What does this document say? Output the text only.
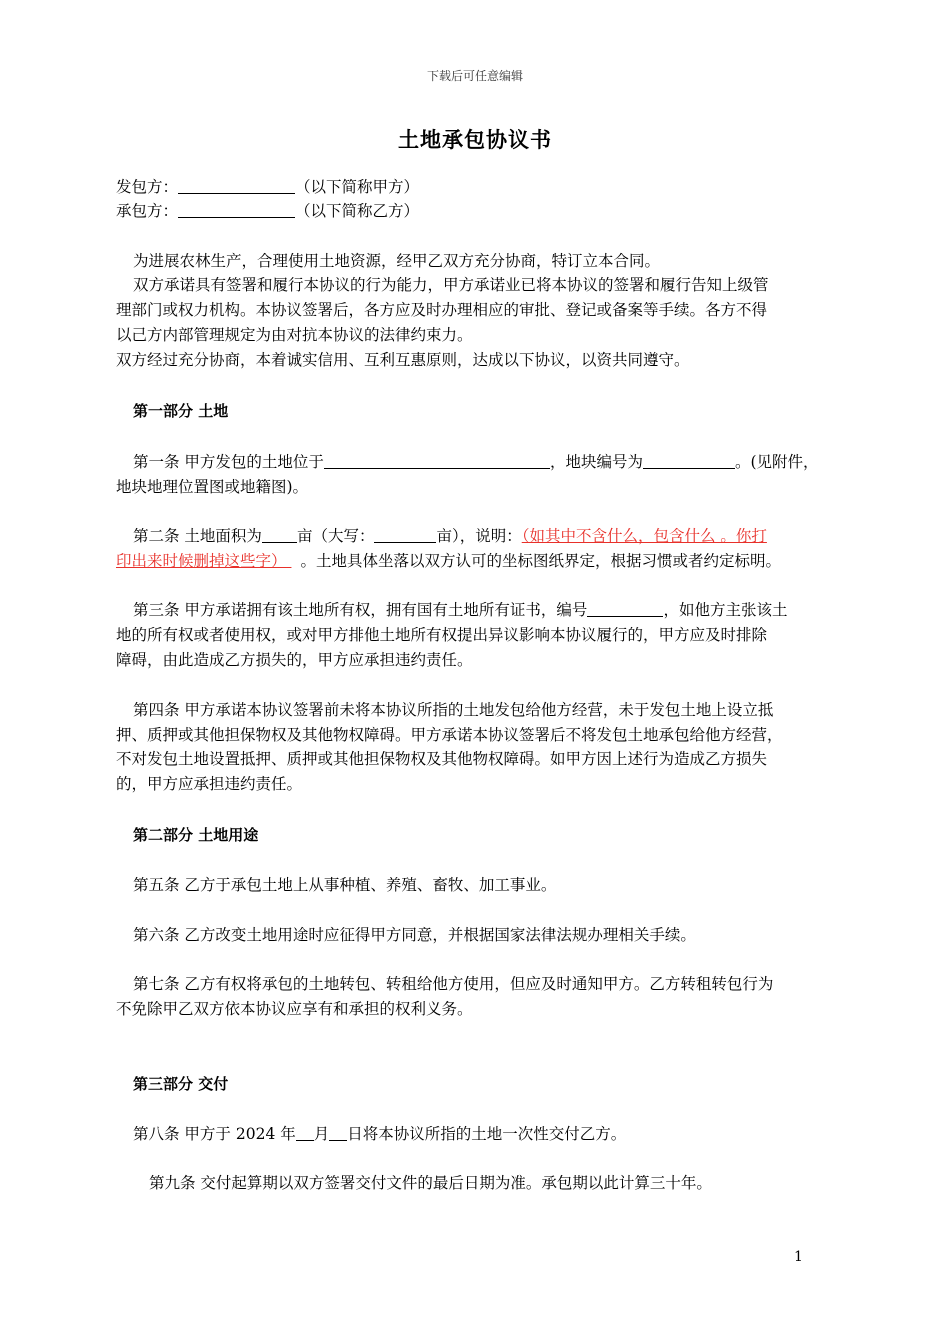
下载后可任意编辑
土地承包协议书
发包方：	（以下简称甲方）
承包方：	（以下简称乙方）
为进展农林生产，合理使用土地资源，经甲乙双方充分协商，特订立本合同。
双方承诺具有签署和履行本协议的行为能力，甲方承诺业已将本协议的签署和履行告知上级管
理部门或权力机构。本协议签署后，各方应及时办理相应的审批、登记或备案等手续。各方不得
以己方内部管理规定为由对抗本协议的法律约束力。
双方经过充分协商，本着诚实信用、互利互惠原则，达成以下协议，以资共同遵守。
第一部分 土地
第一条 甲方发包的土地位于	，地块编号为	。(见附件，
地块地理位置图或地籍图)。
第二条 土地面积为 亩（大写：	亩），说明：（如其中不含什么，包含什么 。你打
印出来时候删掉这些字） 。土地具体坐落以双方认可的坐标图纸界定，根据习惯或者约定标明。
第三条 甲方承诺拥有该土地所有权，拥有国有土地所有证书，编号	，如他方主张该土
地的所有权或者使用权，或对甲方排他土地所有权提出异议影响本协议履行的，甲方应及时排除
障碍，由此造成乙方损失的，甲方应承担违约责任。
第四条 甲方承诺本协议签署前未将本协议所指的土地发包给他方经营，未于发包土地上设立抵
押、质押或其他担保物权及其他物权障碍。甲方承诺本协议签署后不将发包土地承包给他方经营，
不对发包土地设置抵押、质押或其他担保物权及其他物权障碍。如甲方因上述行为造成乙方损失
的，甲方应承担违约责任。
第二部分 土地用途
第五条 乙方于承包土地上从事种植、养殖、畜牧、加工事业。
第六条 乙方改变土地用途时应征得甲方同意，并根据国家法律法规办理相关手续。
第七条 乙方有权将承包的土地转包、转租给他方使用，但应及时通知甲方。乙方转租转包行为
不免除甲乙双方依本协议应享有和承担的权利义务。
第三部分 交付
第八条 甲方于 2024 年 月 日将本协议所指的土地一次性交付乙方。
第九条 交付起算期以双方签署交付文件的最后日期为准。承包期以此计算三十年。
1
